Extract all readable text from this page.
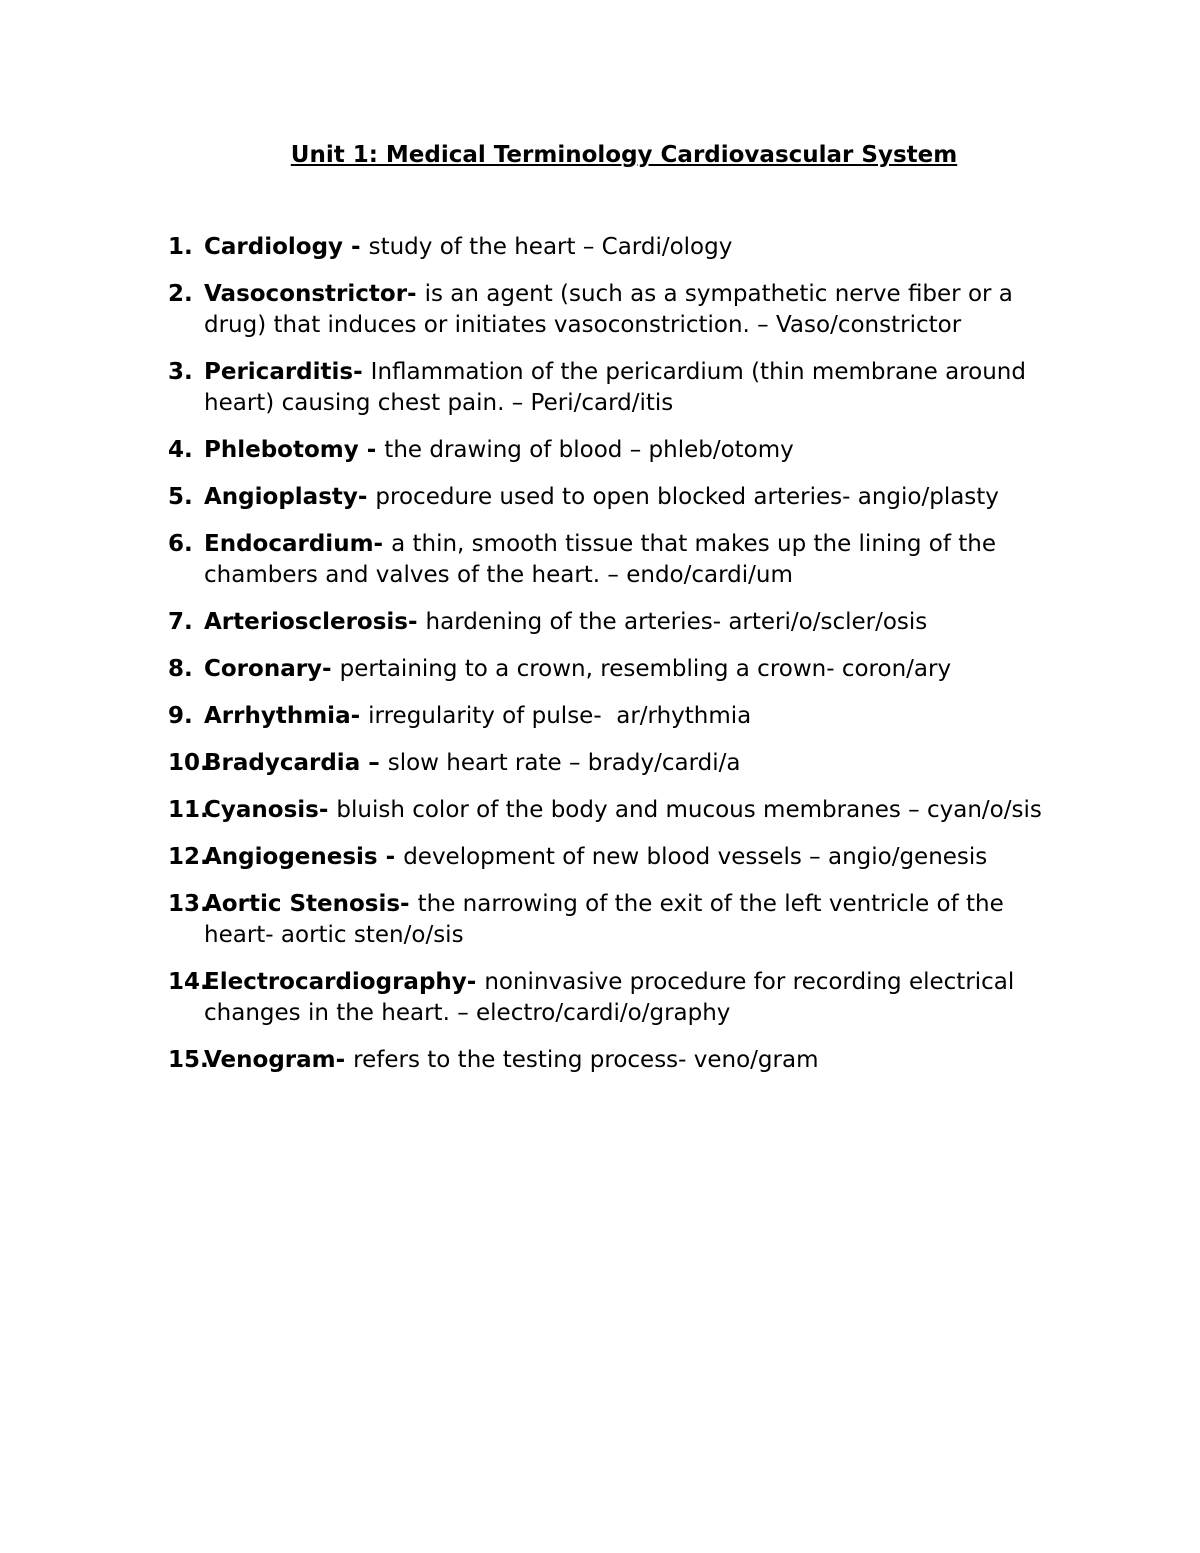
Unit 1: Medical Terminology Cardiovascular System
1. Cardiology - study of the heart – Cardi/ology
2. Vasoconstrictor- is an agent (such as a sympathetic nerve fiber or a drug) that induces or initiates vasoconstriction. – Vaso/constrictor
3. Pericarditis- Inflammation of the pericardium (thin membrane around heart) causing chest pain. – Peri/card/itis
4. Phlebotomy - the drawing of blood – phleb/otomy
5. Angioplasty- procedure used to open blocked arteries- angio/plasty
6. Endocardium- a thin, smooth tissue that makes up the lining of the chambers and valves of the heart. – endo/cardi/um
7. Arteriosclerosis- hardening of the arteries- arteri/o/scler/osis
8. Coronary- pertaining to a crown, resembling a crown- coron/ary
9. Arrhythmia- irregularity of pulse-  ar/rhythmia
10.
Bradycardia – slow heart rate – brady/cardi/a
11.
Cyanosis- bluish color of the body and mucous membranes – cyan/o/sis
12.
Angiogenesis - development of new blood vessels – angio/genesis
13.
Aortic Stenosis- the narrowing of the exit of the left ventricle of the heart- aortic sten/o/sis
14.
Electrocardiography- noninvasive procedure for recording electrical changes in the heart. – electro/cardi/o/graphy
15.
Venogram- refers to the testing process- veno/gram
